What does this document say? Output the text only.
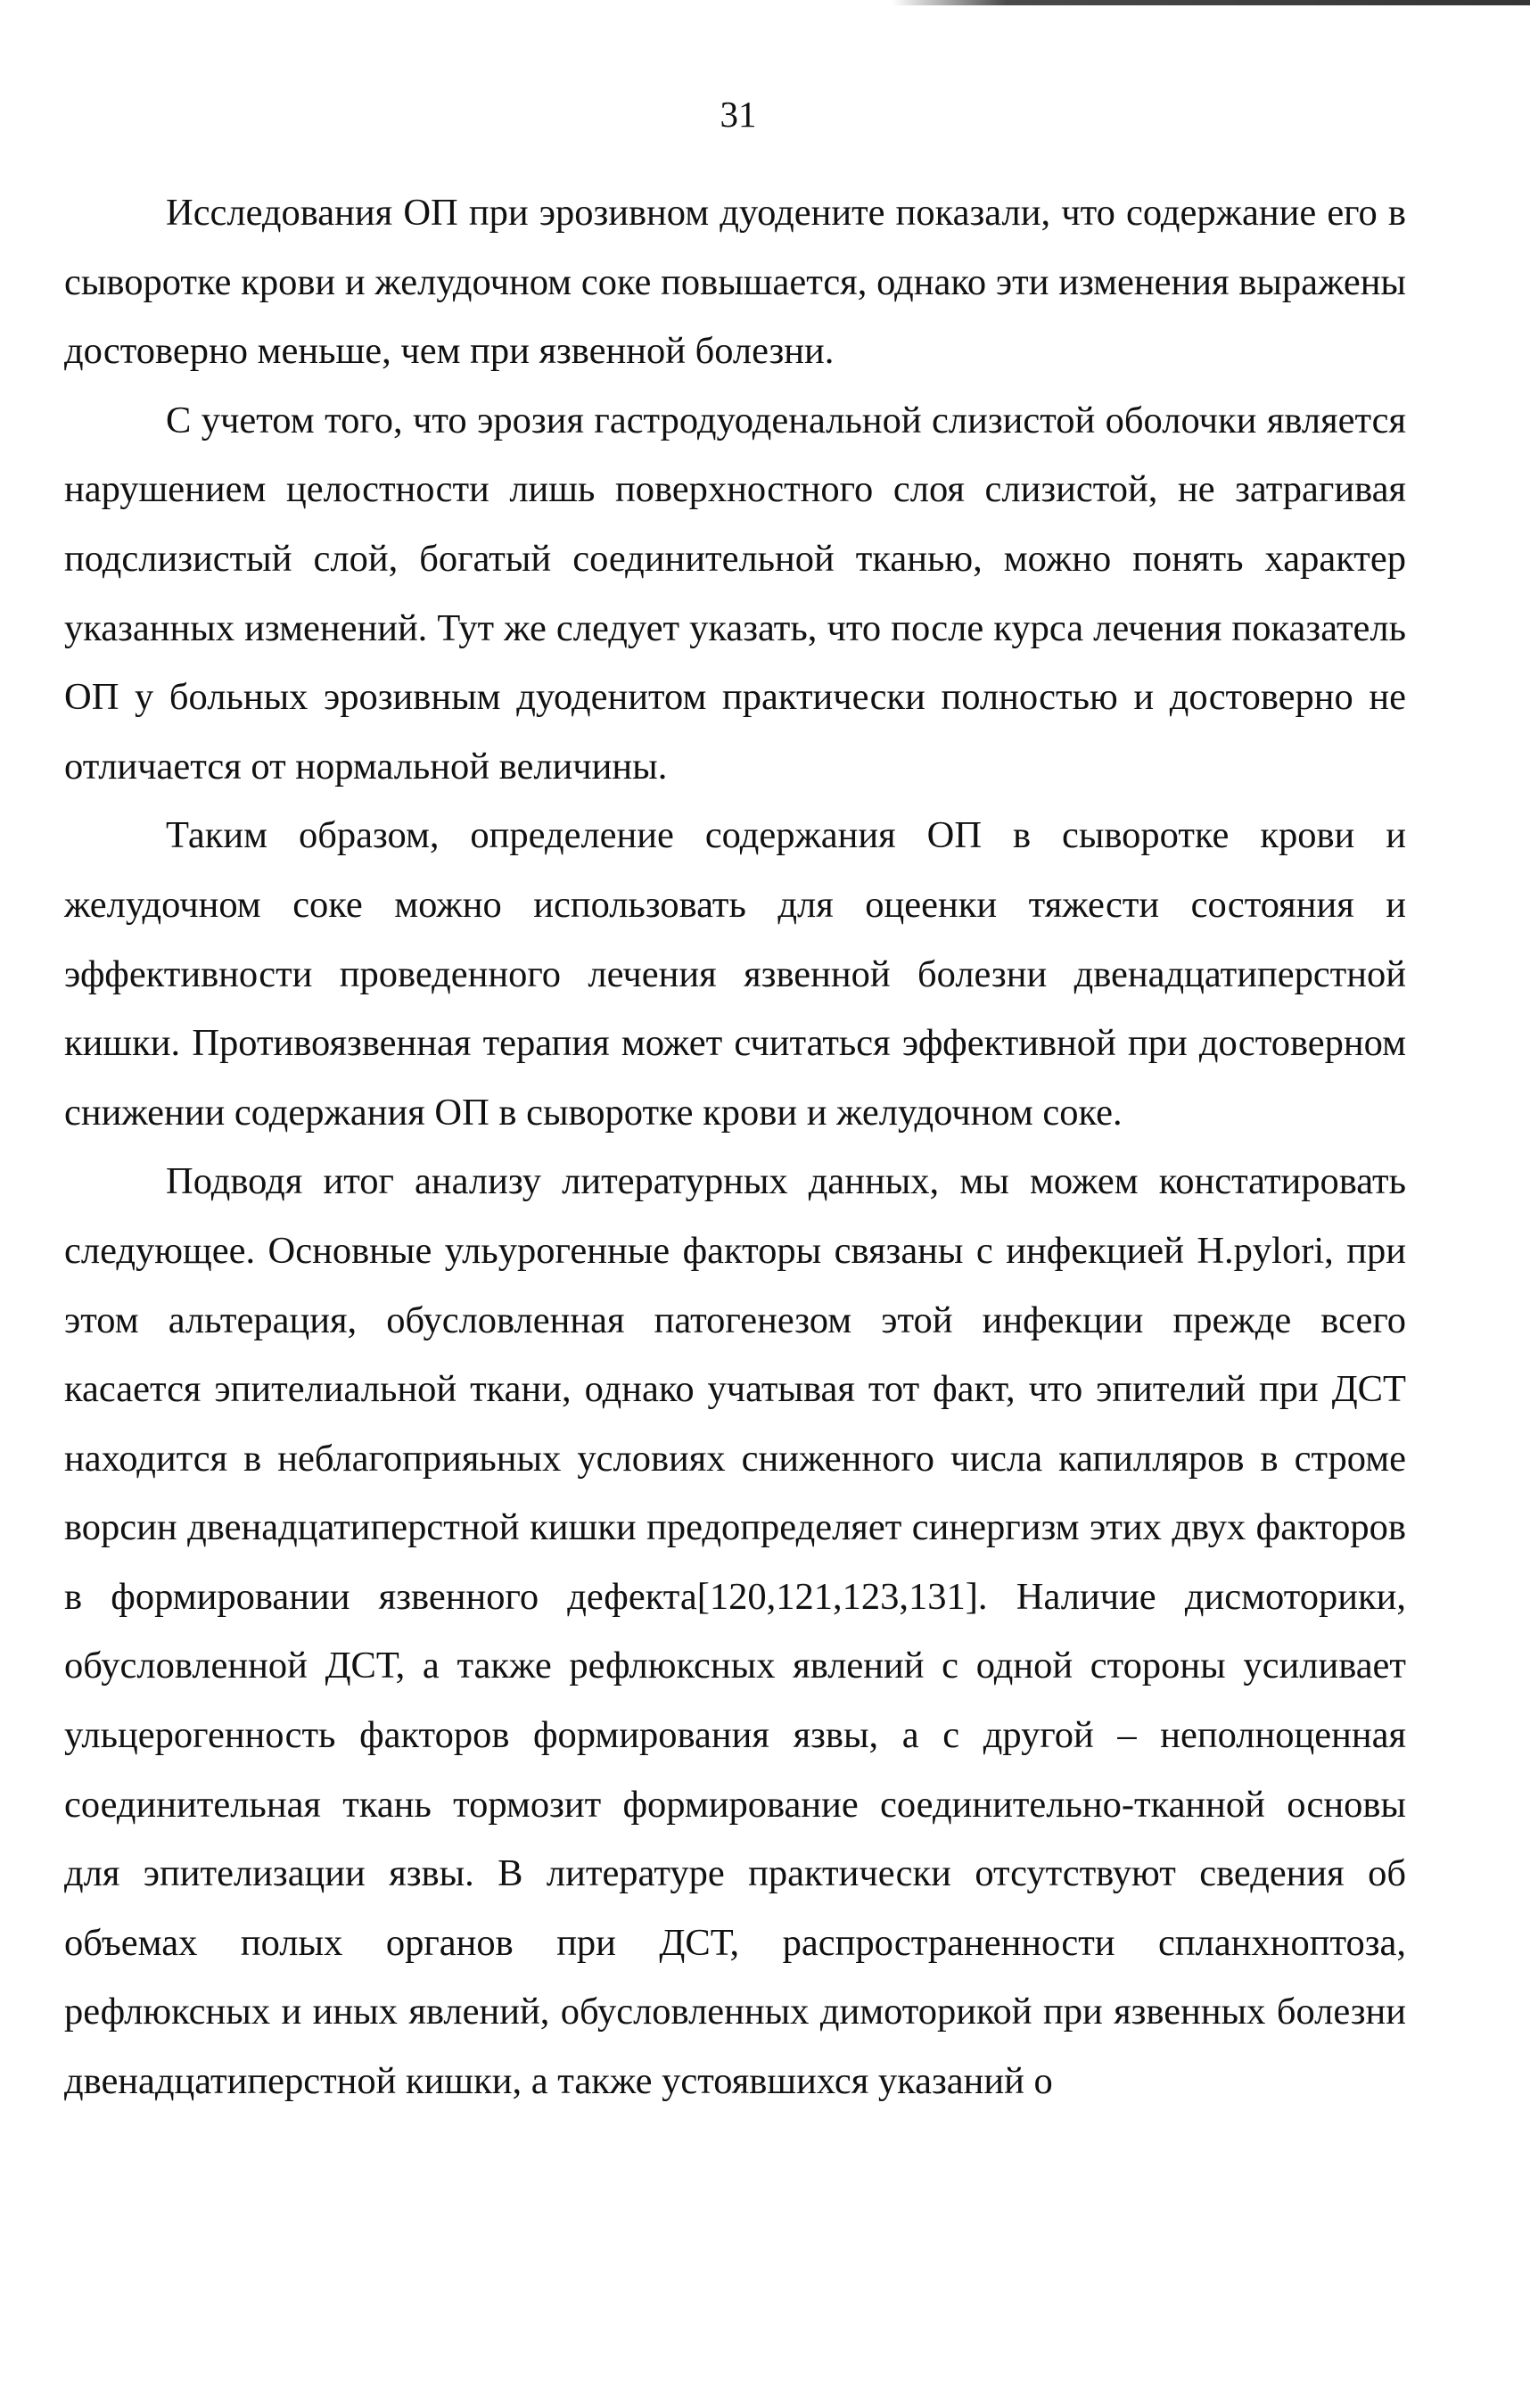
31

Исследования ОП при эрозивном дуодените показали, что содержание его в сыворотке крови и желудочном соке повышается, однако эти изменения выражены достоверно меньше, чем при язвенной болезни.

С учетом того, что эрозия гастродуоденальной слизистой оболочки является нарушением целостности лишь поверхностного слоя слизистой, не затрагивая подслизистый слой, богатый соединительной тканью, можно понять характер указанных изменений. Тут же следует указать, что после курса лечения показатель ОП у больных эрозивным дуоденитом практически полностью и достоверно не отличается от нормальной величины.

Таким образом, определение содержания ОП в сыворотке крови и желудочном соке можно использовать для оцеенки тяжести состояния и эффективности проведенного лечения язвенной болезни двенадцатиперстной кишки. Противоязвенная терапия может считаться эффективной при достоверном снижении содержания ОП в сыворотке крови и желудочном соке.

Подводя итог анализу литературных данных, мы можем констатировать следующее. Основные ульурогенные факторы связаны с инфекцией H.pylori, при этом альтерация, обусловленная патогенезом этой инфекции прежде всего касается эпителиальной ткани, однако учатывая тот факт, что эпителий при ДСТ находится в неблагоприяьных условиях сниженного числа капилляров в строме ворсин двенадцатиперстной кишки предопределяет синергизм этих двух факторов в формировании язвенного дефекта[120,121,123,131]. Наличие дисмоторики, обусловленной ДСТ, а также рефлюксных явлений с одной стороны усиливает ульцерогенность факторов формирования язвы, а с другой – неполноценная соединительная ткань тормозит формирование соединительно-тканной основы для эпителизации язвы. В литературе практически отсутствуют сведения об объемах полых органов при ДСТ, распространенности спланхноптоза, рефлюксных и иных явлений, обусловленных димоторикой при язвенных болезни двенадцатиперстной кишки, а также устоявшихся указаний о
